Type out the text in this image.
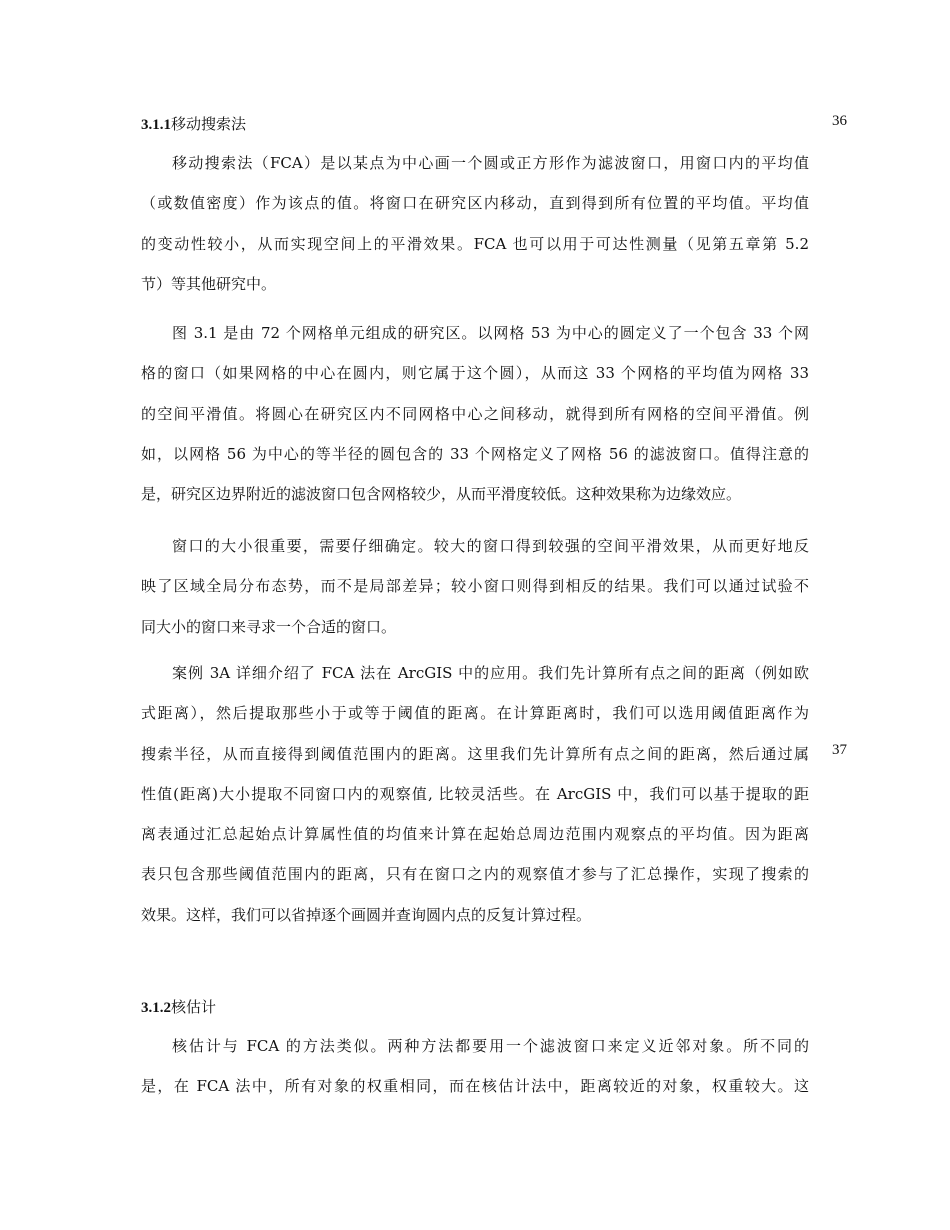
3.1.1移动搜索法	36
移动搜索法（FCA）是以某点为中心画一个圆或正方形作为滤波窗口，用窗口内的平均值
（或数值密度）作为该点的值。将窗口在研究区内移动，直到得到所有位置的平均值。平均值
的变动性较小，从而实现空间上的平滑效果。FCA 也可以用于可达性测量（见第五章第 5.2
节）等其他研究中。
图 3.1 是由 72 个网格单元组成的研究区。以网格 53 为中心的圆定义了一个包含 33 个网
格的窗口（如果网格的中心在圆内，则它属于这个圆），从而这 33 个网格的平均值为网格 33
的空间平滑值。将圆心在研究区内不同网格中心之间移动，就得到所有网格的空间平滑值。例
如，以网格 56 为中心的等半径的圆包含的 33 个网格定义了网格 56 的滤波窗口。值得注意的
是，研究区边界附近的滤波窗口包含网格较少，从而平滑度较低。这种效果称为边缘效应。
窗口的大小很重要，需要仔细确定。较大的窗口得到较强的空间平滑效果，从而更好地反
映了区域全局分布态势，而不是局部差异；较小窗口则得到相反的结果。我们可以通过试验不
同大小的窗口来寻求一个合适的窗口。
37
案例 3A 详细介绍了 FCA 法在 ArcGIS 中的应用。我们先计算所有点之间的距离（例如欧
式距离），然后提取那些小于或等于阈值的距离。在计算距离时，我们可以选用阈值距离作为
搜索半径，从而直接得到阈值范围内的距离。这里我们先计算所有点之间的距离，然后通过属
性值(距离)大小提取不同窗口内的观察值, 比较灵活些。在 ArcGIS 中，我们可以基于提取的距
离表通过汇总起始点计算属性值的均值来计算在起始总周边范围内观察点的平均值。因为距离
表只包含那些阈值范围内的距离，只有在窗口之内的观察值才参与了汇总操作，实现了搜索的
效果。这样，我们可以省掉逐个画圆并查询圆内点的反复计算过程。
3.1.2核估计
核估计与 FCA 的方法类似。两种方法都要用一个滤波窗口来定义近邻对象。所不同的
是，在 FCA 法中，所有对象的权重相同，而在核估计法中，距离较近的对象，权重较大。这
